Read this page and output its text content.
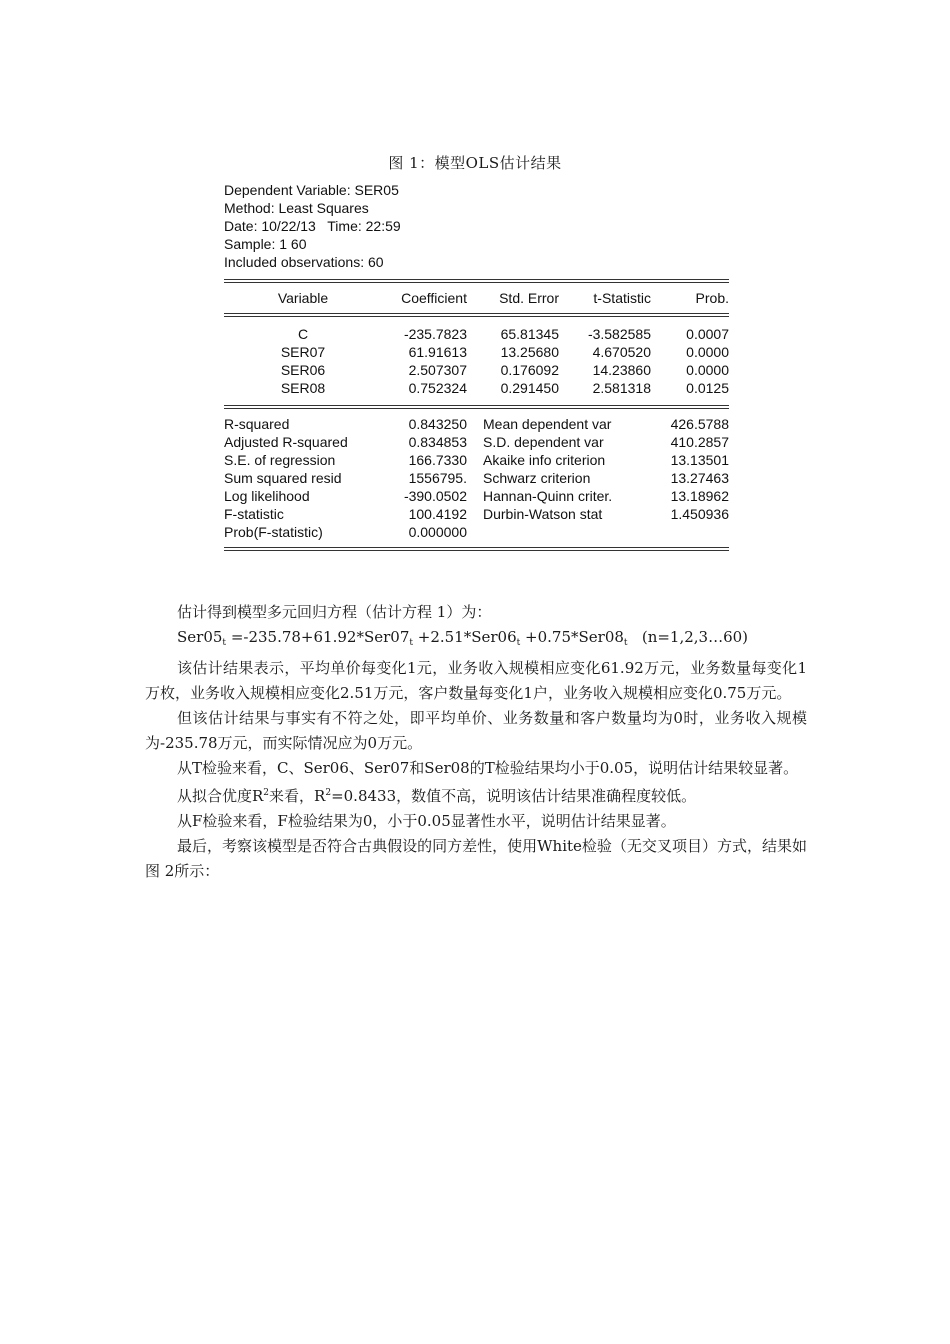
图 1：模型OLS估计结果
Dependent Variable: SER05
Method: Least Squares
Date: 10/22/13   Time: 22:59
Sample: 1 60
Included observations: 60
Variable	Coefficient	Std. Error	t-Statistic	Prob.
C	-235.7823	65.81345	-3.582585	0.0007
SER07	61.91613	13.25680	4.670520	0.0000
SER06	2.507307	0.176092	14.23860	0.0000
SER08	0.752324	0.291450	2.581318	0.0125
R-squared	0.843250	Mean dependent var	426.5788
Adjusted R-squared	0.834853	S.D. dependent var	410.2857
S.E. of regression	166.7330	Akaike info criterion	13.13501
Sum squared resid	1556795.	Schwarz criterion	13.27463
Log likelihood	-390.0502	Hannan-Quinn criter.	13.18962
F-statistic	100.4192	Durbin-Watson stat	1.450936
Prob(F-statistic)	0.000000

估计得到模型多元回归方程（估计方程 1）为：

$Ser05_t =-235.78+61.92*Ser07_t +2.51*Ser06_t +0.75*Ser08_t$   (n=1,2,3…60)

该估计结果表示，平均单价每变化1元，业务收入规模相应变化61.92万元，业务数量每变化1万枚，业务收入规模相应变化2.51万元，客户数量每变化1户，业务收入规模相应变化0.75万元。

但该估计结果与事实有不符之处，即平均单价、业务数量和客户数量均为0时，业务收入规模为-235.78万元，而实际情况应为0万元。

从T检验来看，C、Ser06、Ser07和Ser08的T检验结果均小于0.05，说明估计结果较显著。

从拟合优度$R^2$来看，$R^2=0.8433$，数值不高，说明该估计结果准确程度较低。

从F检验来看，F检验结果为0，小于0.05显著性水平，说明估计结果显著。

最后，考察该模型是否符合古典假设的同方差性，使用White检验（无交叉项目）方式，结果如图 2所示：
